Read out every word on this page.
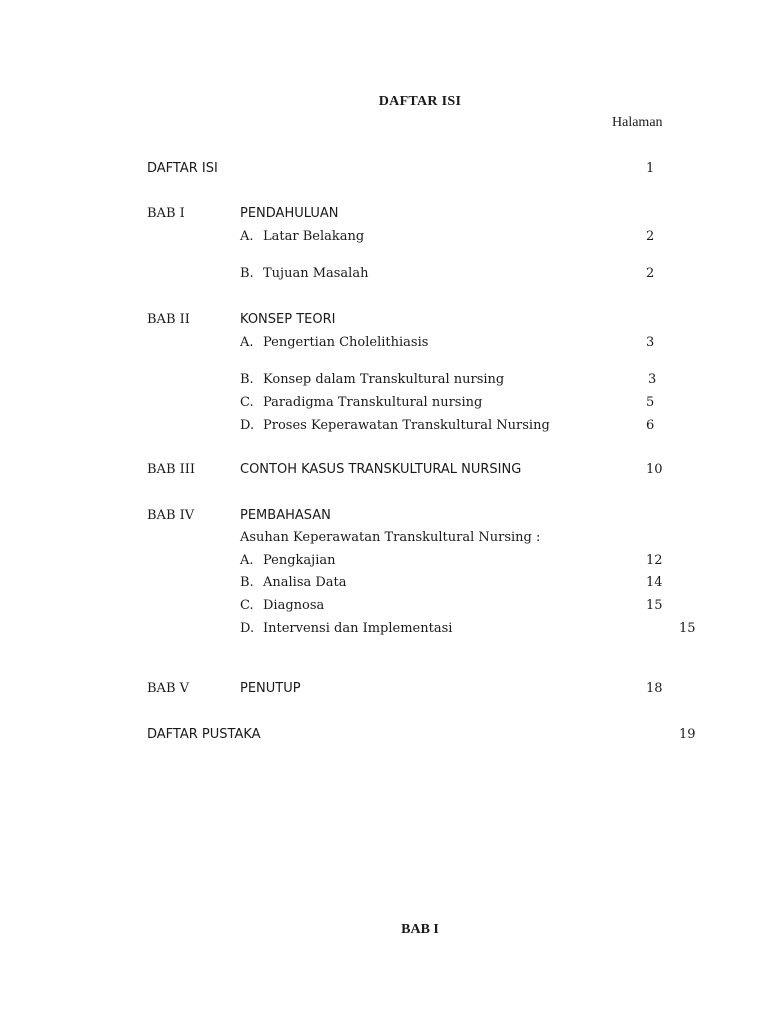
DAFTAR ISI
Halaman
DAFTAR ISI	1
BAB I	PENDAHULUAN
A. Latar Belakang	2
B. Tujuan Masalah	2
BAB II	KONSEP TEORI
A. Pengertian Cholelithiasis	3
B. Konsep dalam Transkultural nursing	3
C. Paradigma Transkultural nursing	5
D. Proses Keperawatan Transkultural Nursing	6
BAB III	CONTOH KASUS TRANSKULTURAL NURSING	10
BAB IV	PEMBAHASAN
Asuhan Keperawatan Transkultural Nursing :
A. Pengkajian	12
B. Analisa Data	14
C. Diagnosa	15
D. Intervensi dan Implementasi	15
BAB V	PENUTUP	18
DAFTAR PUSTAKA	19
BAB I
